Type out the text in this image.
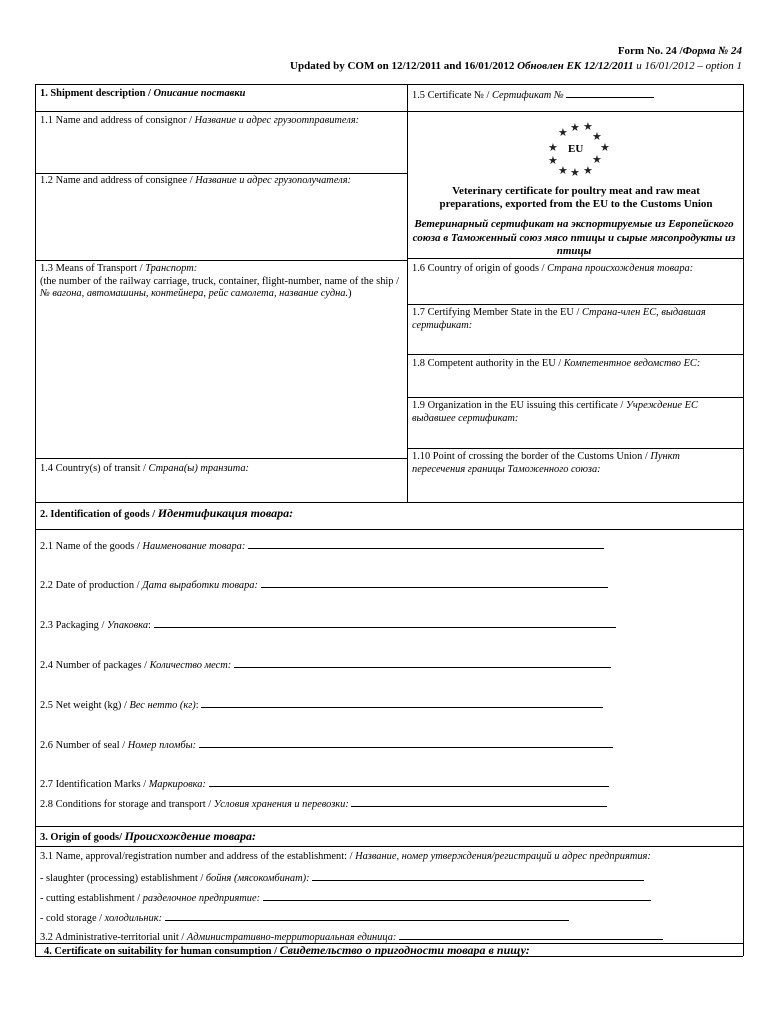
Form No. 24 /Форма № 24
Updated by COM on 12/12/2011 and 16/01/2012 Обновлен ЕК 12/12/2011 и 16/01/2012 – option 1
1. Shipment description / Описание поставки
1.1 Name and address of consignor / Название и адрес грузоотправителя:
1.2 Name and address of consignee / Название и адрес грузополучателя:
1.3 Means of Transport / Транспорт:
(the number of the railway carriage, truck, container, flight-number, name of the ship / № вагона, автомашины, контейнера, рейс самолета, название судна.)
1.4 Country(s) of transit / Страна(ы) транзита:
1.5 Certificate № / Сертификат №
★ ★
★ ★
★	★
★	★
★ ★ ★
EU
Veterinary certificate for poultry meat and raw meat preparations, exported from the EU to the Customs Union
Ветеринарный сертификат на экспортируемые из Европейского союза в Таможенный союз мясо птицы и сырые мясопродукты из птицы
1.6 Country of origin of goods / Страна происхождения товара:
1.7 Certifying Member State in the EU / Страна-член ЕС, выдавшая сертификат:
1.8 Competent authority in the EU / Компетентное ведомство ЕС:
1.9 Organization in the EU issuing this certificate / Учреждение ЕС выдавшее сертификат:
1.10 Point of crossing the border of the Customs Union / Пункт пересечения границы Таможенного союза:
2. Identification of goods / Идентификация товара:
2.1 Name of the goods / Наименование товара:
2.2 Date of production / Дата выработки товара:
2.3 Packaging / Упаковка:
2.4 Number of packages / Количество мест:
2.5 Net weight (kg) / Вес нетто (кг):
2.6 Number of seal / Номер пломбы:
2.7 Identification Marks / Маркировка:
2.8 Conditions for storage and transport / Условия хранения и перевозки:
3. Origin of goods/ Происхождение товара:
3.1 Name, approval/registration number and address of the establishment: / Название, номер утверждения/регистраций и адрес предприятия:
- slaughter (processing) establishment / бойня (мясокомбинат):
- cutting establishment / разделочное предприятие:
- cold storage / холодильник:
3.2 Administrative-territorial unit / Административно-территориальная единица:
4. Certificate on suitability for human consumption / Свидетельство о пригодности товара в пищу:
